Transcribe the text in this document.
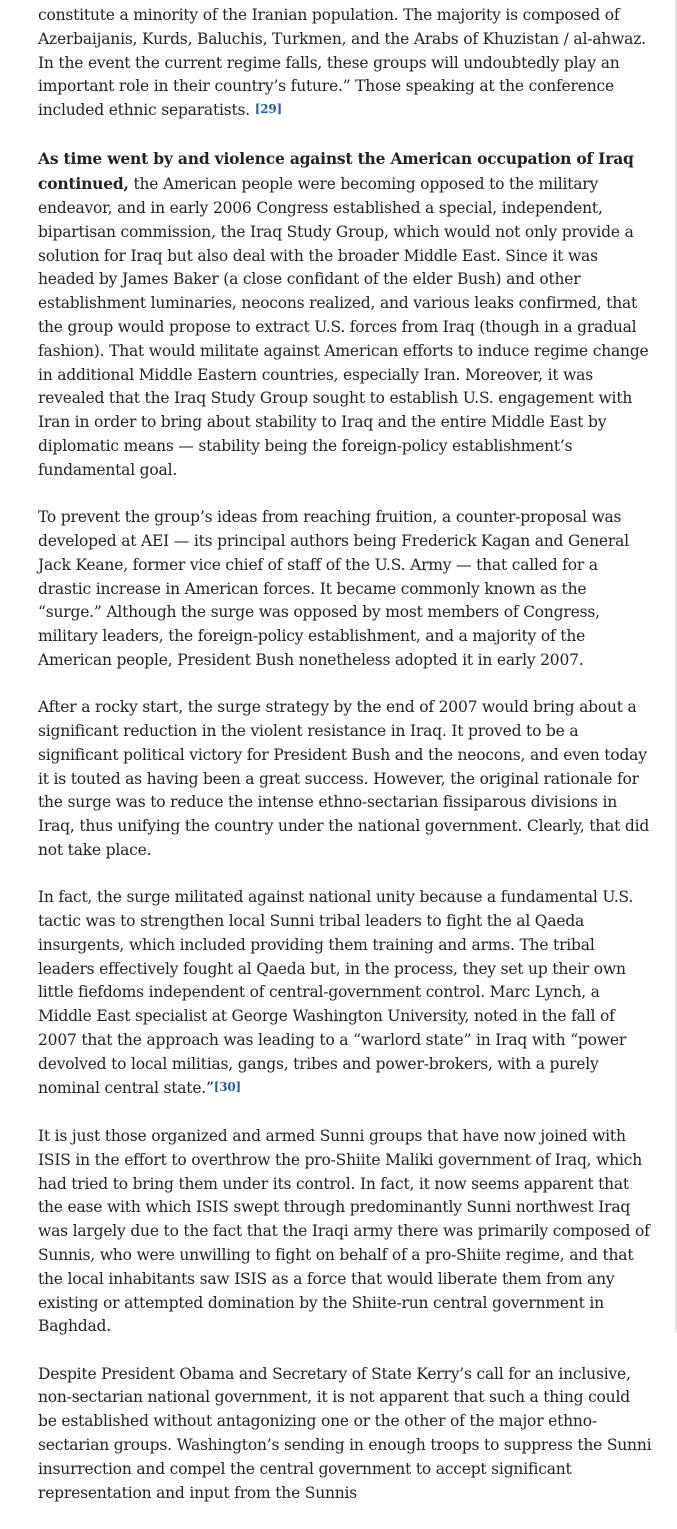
constitute a minority of the Iranian population. The majority is composed of Azerbaijanis, Kurds, Baluchis, Turkmen, and the Arabs of Khuzistan / al-ahwaz. In the event the current regime falls, these groups will undoubtedly play an important role in their country’s future.” Those speaking at the conference included ethnic separatists. [29]

As time went by and violence against the American occupation of Iraq continued, the American people were becoming opposed to the military endeavor, and in early 2006 Congress established a special, independent, bipartisan commission, the Iraq Study Group, which would not only provide a solution for Iraq but also deal with the broader Middle East. Since it was headed by James Baker (a close confidant of the elder Bush) and other establishment luminaries, neocons realized, and various leaks confirmed, that the group would propose to extract U.S. forces from Iraq (though in a gradual fashion). That would militate against American efforts to induce regime change in additional Middle Eastern countries, especially Iran. Moreover, it was revealed that the Iraq Study Group sought to establish U.S. engagement with Iran in order to bring about stability to Iraq and the entire Middle East by diplomatic means — stability being the foreign-policy establishment’s fundamental goal.

To prevent the group’s ideas from reaching fruition, a counter-proposal was developed at AEI — its principal authors being Frederick Kagan and General Jack Keane, former vice chief of staff of the U.S. Army — that called for a drastic increase in American forces. It became commonly known as the “surge.” Although the surge was opposed by most members of Congress, military leaders, the foreign-policy establishment, and a majority of the American people, President Bush nonetheless adopted it in early 2007.

After a rocky start, the surge strategy by the end of 2007 would bring about a significant reduction in the violent resistance in Iraq. It proved to be a significant political victory for President Bush and the neocons, and even today it is touted as having been a great success. However, the original rationale for the surge was to reduce the intense ethno-sectarian fissiparous divisions in Iraq, thus unifying the country under the national government. Clearly, that did not take place.

In fact, the surge militated against national unity because a fundamental U.S. tactic was to strengthen local Sunni tribal leaders to fight the al Qaeda insurgents, which included providing them training and arms. The tribal leaders effectively fought al Qaeda but, in the process, they set up their own little fiefdoms independent of central-government control. Marc Lynch, a Middle East specialist at George Washington University, noted in the fall of 2007 that the approach was leading to a “warlord state” in Iraq with “power devolved to local militias, gangs, tribes and power-brokers, with a purely nominal central state.”[30]

It is just those organized and armed Sunni groups that have now joined with ISIS in the effort to overthrow the pro-Shiite Maliki government of Iraq, which had tried to bring them under its control. In fact, it now seems apparent that the ease with which ISIS swept through predominantly Sunni northwest Iraq was largely due to the fact that the Iraqi army there was primarily composed of Sunnis, who were unwilling to fight on behalf of a pro-Shiite regime, and that the local inhabitants saw ISIS as a force that would liberate them from any existing or attempted domination by the Shiite-run central government in Baghdad.

Despite President Obama and Secretary of State Kerry’s call for an inclusive, non-sectarian national government, it is not apparent that such a thing could be established without antagonizing one or the other of the major ethno-sectarian groups. Washington’s sending in enough troops to suppress the Sunni insurrection and compel the central government to accept significant representation and input from the Sunnis
